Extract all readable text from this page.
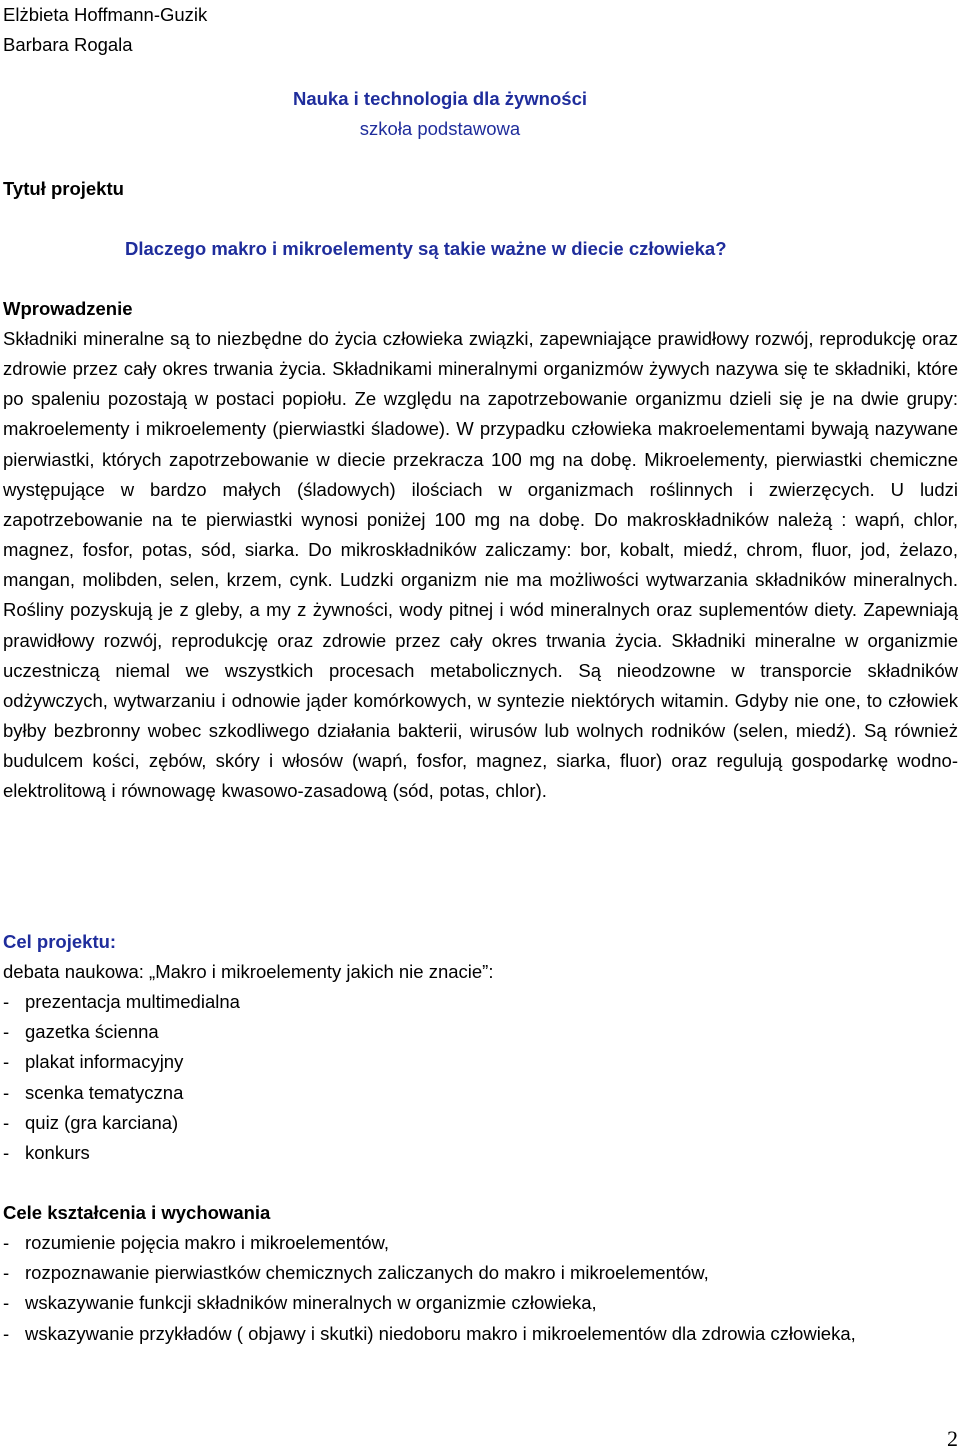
Elżbieta Hoffmann-Guzik
Barbara Rogala
Nauka i technologia dla żywności
szkoła podstawowa
Tytuł projektu
Dlaczego makro i mikroelementy są takie ważne w diecie człowieka?
Wprowadzenie
Składniki mineralne są to niezbędne do życia człowieka związki, zapewniające prawidłowy rozwój, reprodukcję oraz zdrowie przez cały okres trwania życia. Składnikami mineralnymi organizmów żywych nazywa się te składniki, które po spaleniu pozostają w postaci popiołu. Ze względu na zapotrzebowanie organizmu dzieli się je na dwie grupy: makroelementy i mikroelementy (pierwiastki śladowe). W przypadku człowieka makroelementami bywają nazywane pierwiastki, których zapotrzebowanie w diecie przekracza 100 mg na dobę. Mikroelementy, pierwiastki chemiczne występujące w bardzo małych (śladowych) ilościach w organizmach roślinnych i zwierzęcych. U ludzi zapotrzebowanie na te pierwiastki wynosi poniżej 100 mg na dobę. Do makroskładników należą : wapń, chlor, magnez, fosfor, potas, sód, siarka. Do mikroskładników zaliczamy: bor, kobalt, miedź, chrom, fluor, jod, żelazo, mangan, molibden, selen, krzem, cynk. Ludzki organizm nie ma możliwości wytwarzania składników mineralnych. Rośliny pozyskują je z gleby, a my z żywności, wody pitnej i wód mineralnych oraz suplementów diety. Zapewniają prawidłowy rozwój, reprodukcję oraz zdrowie przez cały okres trwania życia. Składniki mineralne w organizmie uczestniczą niemal we wszystkich procesach metabolicznych. Są nieodzowne w transporcie składników odżywczych, wytwarzaniu i odnowie jąder komórkowych, w syntezie niektórych witamin. Gdyby nie one, to człowiek byłby bezbronny wobec szkodliwego działania bakterii, wirusów lub wolnych rodników (selen, miedź). Są również budulcem kości, zębów, skóry i włosów (wapń, fosfor, magnez, siarka, fluor) oraz regulują gospodarkę wodno-elektrolitową i równowagę kwasowo-zasadową (sód, potas, chlor).
Cel projektu:
debata naukowa: „Makro i mikroelementy jakich nie znacie”:
- prezentacja multimedialna
- gazetka ścienna
- plakat informacyjny
- scenka tematyczna
- quiz (gra karciana)
- konkurs
Cele kształcenia i wychowania
- rozumienie pojęcia makro i mikroelementów,
- rozpoznawanie pierwiastków chemicznych zaliczanych do makro i mikroelementów,
- wskazywanie funkcji składników mineralnych w organizmie człowieka,
- wskazywanie przykładów ( objawy i skutki) niedoboru makro i mikroelementów dla zdrowia człowieka,
2
